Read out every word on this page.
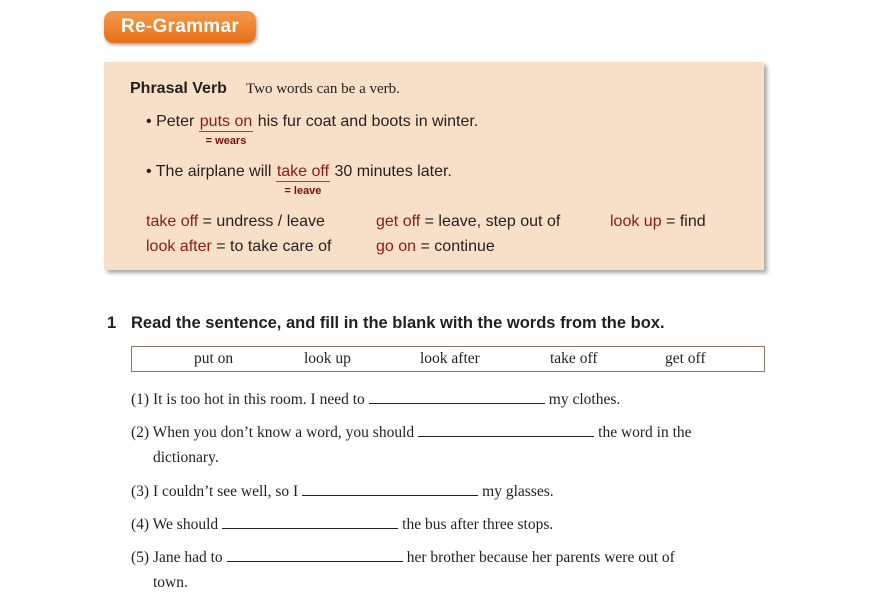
Re-Grammar
Phrasal Verb Two words can be a verb.
• Peter puts on
= wears
his fur coat and boots in winter.
• The airplane will take off
= leave
30 minutes later.
take off = undress / leave	get off = leave, step out of	look up = find
look after = to take care of	go on = continue
1 Read the sentence, and fill in the blank with the words from the box.
put on	look up	look after	take off	get off
(1) It is too hot in this room. I need to	my clothes.
(2) When you don’t know a word, you should	the word in the
dictionary.
(3) I couldn’t see well, so I	my glasses.
(4) We should	the bus after three stops.
(5) Jane had to	her brother because her parents were out of
town.
